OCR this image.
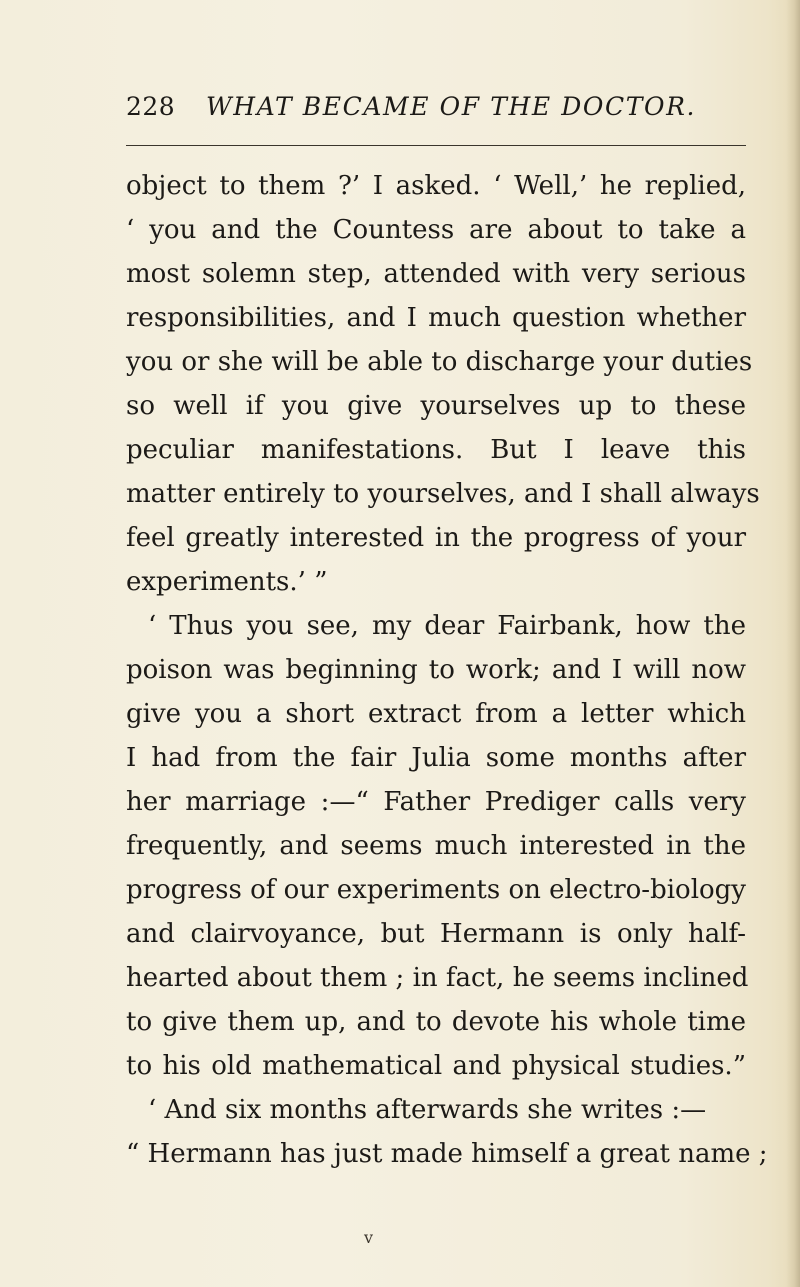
228 WHAT BECAME OF THE DOCTOR.
object to them ?’ I asked. ‘ Well,’ he replied,
‘ you and the Countess are about to take a
most solemn step, attended with very serious
responsibilities, and I much question whether
you or she will be able to discharge your duties
so well if you give yourselves up to these
peculiar manifestations. But I leave this
matter entirely to yourselves, and I shall always
feel greatly interested in the progress of your
experiments.’ ”
‘ Thus you see, my dear Fairbank, how the
poison was beginning to work; and I will now
give you a short extract from a letter which
I had from the fair Julia some months after
her marriage :—“ Father Prediger calls very
frequently, and seems much interested in the
progress of our experiments on electro-biology
and clairvoyance, but Hermann is only half-
hearted about them ; in fact, he seems inclined
to give them up, and to devote his whole time
to his old mathematical and physical studies.”
‘ And six months afterwards she writes :—
“ Hermann has just made himself a great name ;
v
